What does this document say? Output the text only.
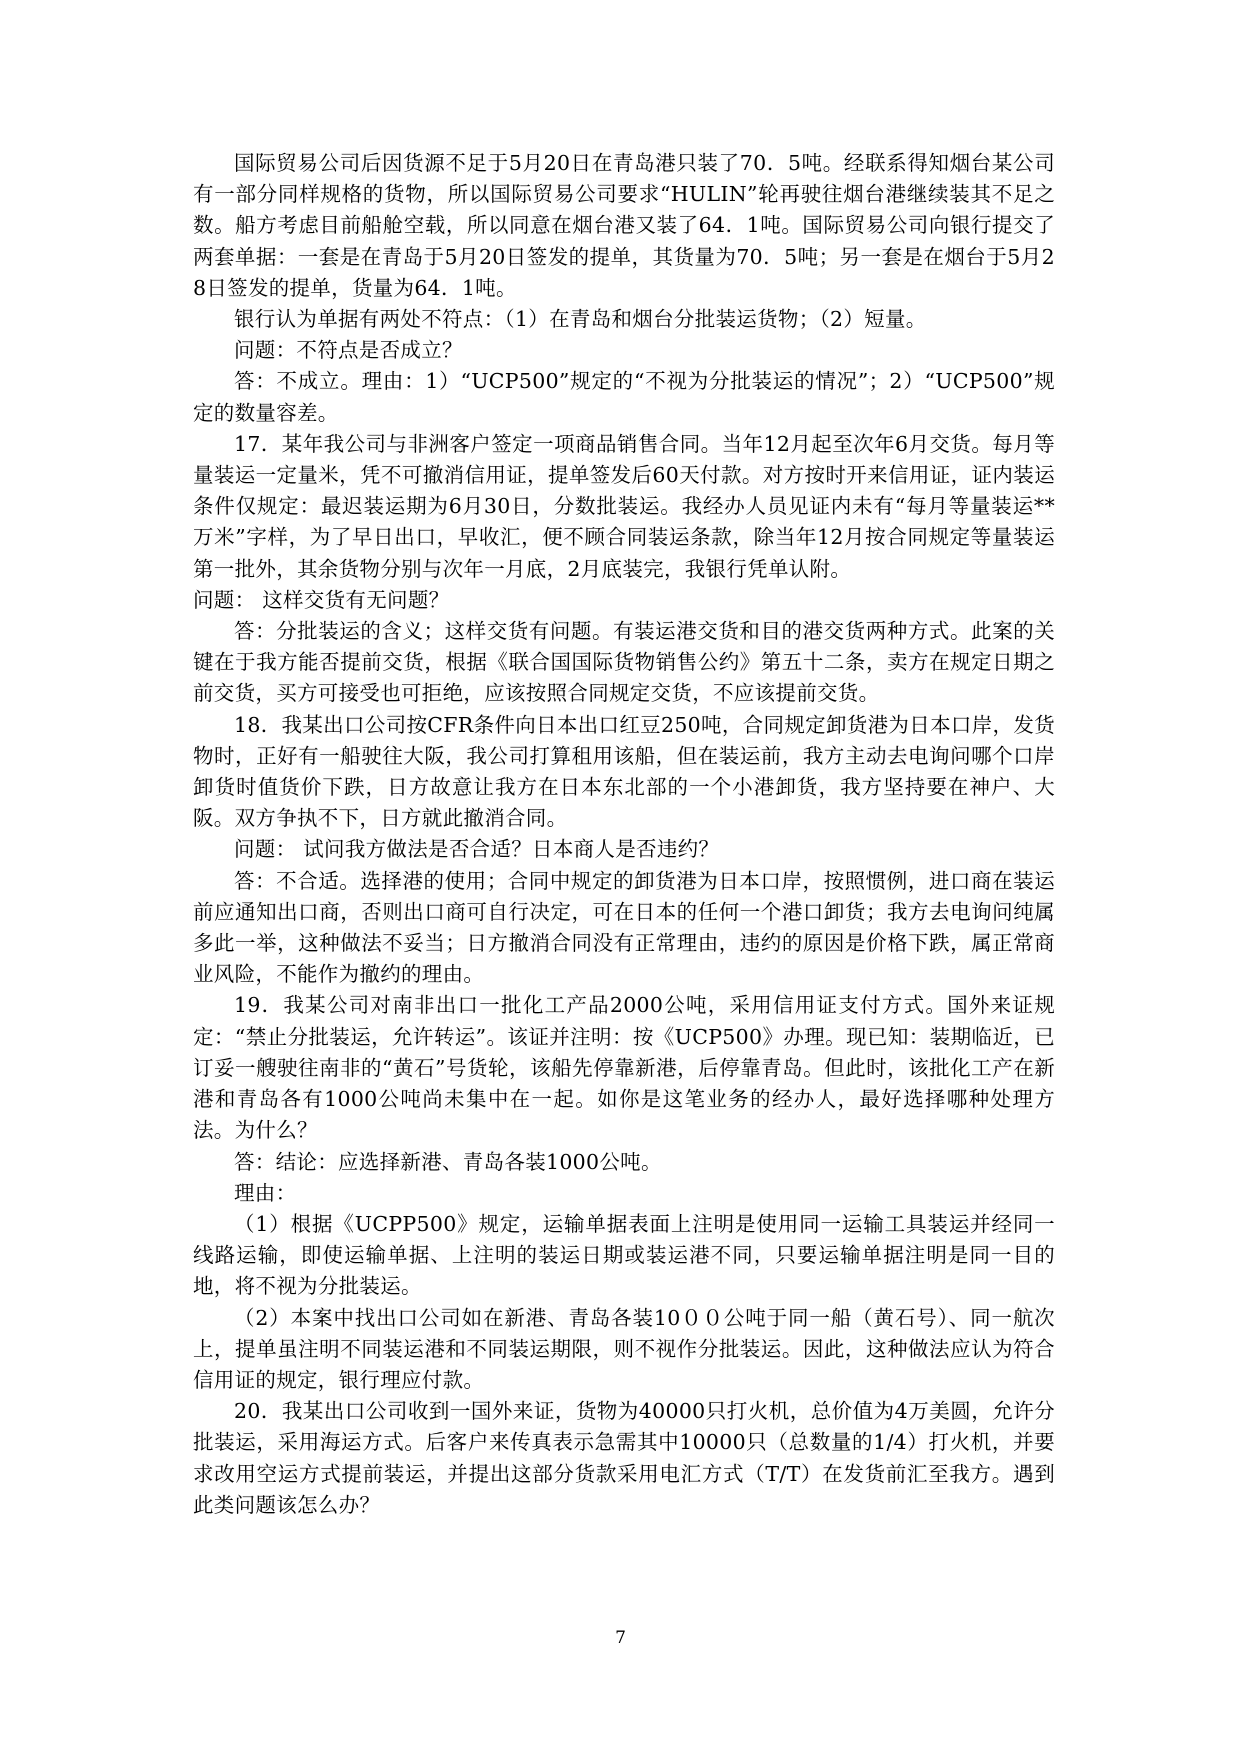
国际贸易公司后因货源不足于5月20日在青岛港只装了70．5吨。经联系得知烟台某公司有一部分同样规格的货物，所以国际贸易公司要求“HULIN”轮再驶往烟台港继续装其不足之数。船方考虑目前船舱空载，所以同意在烟台港又装了64．1吨。国际贸易公司向银行提交了两套单据：一套是在青岛于5月20日签发的提单，其货量为70．5吨；另一套是在烟台于5月28日签发的提单，货量为64．1吨。

银行认为单据有两处不符点：（1）在青岛和烟台分批装运货物；（2）短量。

问题：不符点是否成立？

答：不成立。理由：1）“UCP500”规定的“不视为分批装运的情况”；2）“UCP500”规定的数量容差。

17．某年我公司与非洲客户签定一项商品销售合同。当年12月起至次年6月交货。每月等量装运一定量米，凭不可撤消信用证，提单签发后60天付款。对方按时开来信用证，证内装运条件仅规定：最迟装运期为6月30日，分数批装运。我经办人员见证内未有“每月等量装运**万米”字样，为了早日出口，早收汇，便不顾合同装运条款，除当年12月按合同规定等量装运第一批外，其余货物分别与次年一月底，2月底装完，我银行凭单认附。

问题： 这样交货有无问题？

答：分批装运的含义；这样交货有问题。有装运港交货和目的港交货两种方式。此案的关键在于我方能否提前交货，根据《联合国国际货物销售公约》第五十二条，卖方在规定日期之前交货，买方可接受也可拒绝，应该按照合同规定交货，不应该提前交货。

18．我某出口公司按CFR条件向日本出口红豆250吨，合同规定卸货港为日本口岸，发货物时，正好有一船驶往大阪，我公司打算租用该船，但在装运前，我方主动去电询问哪个口岸卸货时值货价下跌，日方故意让我方在日本东北部的一个小港卸货，我方坚持要在神户、大阪。双方争执不下，日方就此撤消合同。

问题： 试问我方做法是否合适？日本商人是否违约？

答：不合适。选择港的使用；合同中规定的卸货港为日本口岸，按照惯例，进口商在装运前应通知出口商，否则出口商可自行决定，可在日本的任何一个港口卸货；我方去电询问纯属多此一举，这种做法不妥当；日方撤消合同没有正常理由，违约的原因是价格下跌，属正常商业风险，不能作为撤约的理由。

19．我某公司对南非出口一批化工产品2000公吨，采用信用证支付方式。国外来证规定：“禁止分批装运，允许转运”。该证并注明：按《UCP500》办理。现已知：装期临近，已订妥一艘驶往南非的“黄石”号货轮，该船先停靠新港，后停靠青岛。但此时，该批化工产在新港和青岛各有1000公吨尚未集中在一起。如你是这笔业务的经办人，最好选择哪种处理方法。为什么？

答：结论：应选择新港、青岛各装1000公吨。

理由：

（1）根据《UCPP500》规定，运输单据表面上注明是使用同一运输工具装运并经同一线路运输，即使运输单据、上注明的装运日期或装运港不同，只要运输单据注明是同一目的地，将不视为分批装运。

（2）本案中找出口公司如在新港、青岛各装10００公吨于同一船（黄石号）、同一航次上，提单虽注明不同装运港和不同装运期限，则不视作分批装运。因此，这种做法应认为符合信用证的规定，银行理应付款。

20．我某出口公司收到一国外来证，货物为40000只打火机，总价值为4万美圆，允许分批装运，采用海运方式。后客户来传真表示急需其中10000只（总数量的1/4）打火机，并要求改用空运方式提前装运，并提出这部分货款采用电汇方式（T/T）在发货前汇至我方。遇到此类问题该怎么办？

7
